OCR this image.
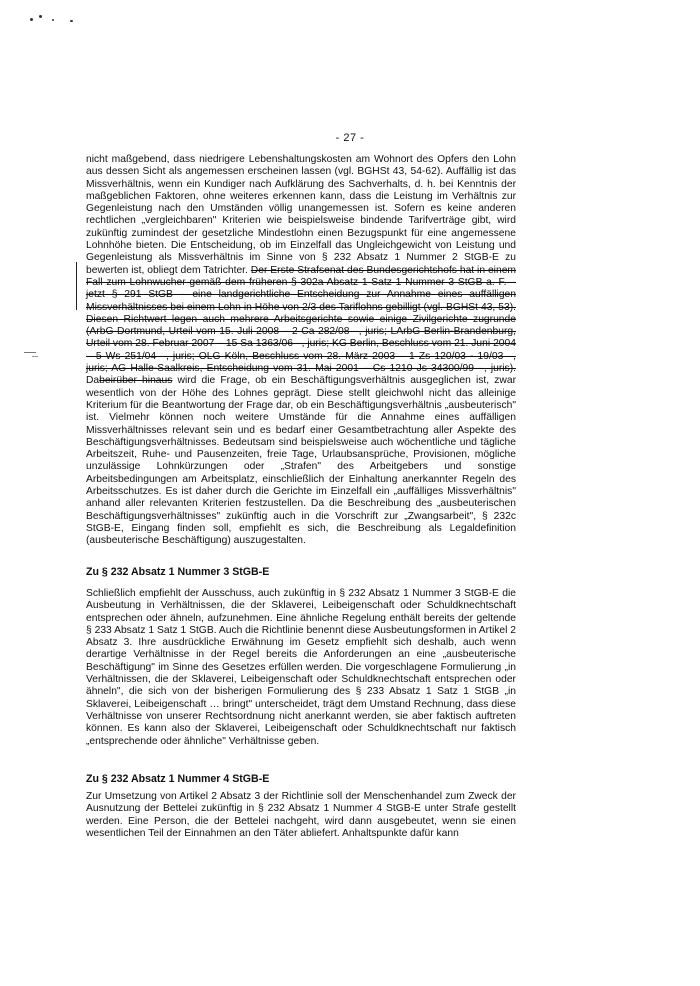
- 27 -
nicht maßgebend, dass niedrigere Lebenshaltungskosten am Wohnort des Opfers den Lohn aus dessen Sicht als angemessen erscheinen lassen (vgl. BGHSt 43, 54-62). Auffällig ist das Missverhältnis, wenn ein Kundiger nach Aufklärung des Sachverhalts, d. h. bei Kenntnis der maßgeblichen Faktoren, ohne weiteres erkennen kann, dass die Leistung im Verhältnis zur Gegenleistung nach den Umständen völlig unangemessen ist. Sofern es keine anderen rechtlichen „vergleichbaren" Kriterien wie beispielsweise bindende Tarifverträge gibt, wird zukünftig zumindest der gesetzliche Mindestlohn einen Bezugspunkt für eine angemessene Lohnhöhe bieten. Die Entscheidung, ob im Einzelfall das Ungleichgewicht von Leistung und Gegenleistung als Missverhältnis im Sinne von § 232 Absatz 1 Nummer 2 StGB-E zu bewerten ist, obliegt dem Tatrichter. Der Erste Strafsenat des Bundesgerichtshofs hat in einem Fall zum Lohnwucher gemäß dem früheren § 302a Absatz 1 Satz 1 Nummer 3 StGB a. F. – jetzt § 291 StGB – eine landgerichtliche Entscheidung zur Annahme eines auffälligen Missverhältnisses bei einem Lohn in Höhe von 2/3 des Tariflohns gebilligt (vgl. BGHSt 43, 53). Diesen Richtwert legen auch mehrere Arbeitsgerichte sowie einige Zivilgerichte zugrunde (ArbG Dortmund, Urteil vom 15. Juli 2008 – 2 Ca 282/08 –, juris; LArbG Berlin-Brandenburg, Urteil vom 28. Februar 2007 – 15 Sa 1363/06 –, juris; KG Berlin, Beschluss vom 21. Juni 2004 – 5 Ws 251/04 –, juris; OLG Köln, Beschluss vom 28. März 2003 – 1 Zs 120/03 - 19/03 –, juris; AG Halle-Saalkreis, Entscheidung vom 31. Mai 2001 – Cs 1210 Js 34300/99 –, juris). Dabeirüber hinaus wird die Frage, ob ein Beschäftigungsverhältnis ausgeglichen ist, zwar wesentlich von der Höhe des Lohnes geprägt. Diese stellt gleichwohl nicht das alleinige Kriterium für die Beantwortung der Frage dar, ob ein Beschäftigungsverhältnis „ausbeuterisch" ist. Vielmehr können noch weitere Umstände für die Annahme eines auffälligen Missverhältnisses relevant sein und es bedarf einer Gesamtbetrachtung aller Aspekte des Beschäftigungsverhältnisses. Bedeutsam sind beispielsweise auch wöchentliche und tägliche Arbeitszeit, Ruhe- und Pausenzeiten, freie Tage, Urlaubsansprüche, Provisionen, mögliche unzulässige Lohnkürzungen oder „Strafen" des Arbeitgebers und sonstige Arbeitsbedingungen am Arbeitsplatz, einschließlich der Einhaltung anerkannter Regeln des Arbeitsschutzes. Es ist daher durch die Gerichte im Einzelfall ein „auffälliges Missverhältnis" anhand aller relevanten Kriterien festzustellen. Da die Beschreibung des „ausbeuterischen Beschäftigungsverhältnisses" zukünftig auch in die Vorschrift zur „Zwangsarbeit", § 232c StGB-E, Eingang finden soll, empfiehlt es sich, die Beschreibung als Legaldefinition (ausbeuterische Beschäftigung) auszugestalten.
Zu § 232 Absatz 1 Nummer 3 StGB-E
Schließlich empfiehlt der Ausschuss, auch zukünftig in § 232 Absatz 1 Nummer 3 StGB-E die Ausbeutung in Verhältnissen, die der Sklaverei, Leibeigenschaft oder Schuldknechtschaft entsprechen oder ähneln, aufzunehmen. Eine ähnliche Regelung enthält bereits der geltende § 233 Absatz 1 Satz 1 StGB. Auch die Richtlinie benennt diese Ausbeutungsformen in Artikel 2 Absatz 3. Ihre ausdrückliche Erwähnung im Gesetz empfiehlt sich deshalb, auch wenn derartige Verhältnisse in der Regel bereits die Anforderungen an eine „ausbeuterische Beschäftigung" im Sinne des Gesetzes erfüllen werden. Die vorgeschlagene Formulierung „in Verhältnissen, die der Sklaverei, Leibeigenschaft oder Schuldknechtschaft entsprechen oder ähneln", die sich von der bisherigen Formulierung des § 233 Absatz 1 Satz 1 StGB „in Sklaverei, Leibeigenschaft … bringt" unterscheidet, trägt dem Umstand Rechnung, dass diese Verhältnisse von unserer Rechtsordnung nicht anerkannt werden, sie aber faktisch auftreten können. Es kann also der Sklaverei, Leibeigenschaft oder Schuldknechtschaft nur faktisch „entsprechende oder ähnliche" Verhältnisse geben.
Zu § 232 Absatz 1 Nummer 4 StGB-E
Zur Umsetzung von Artikel 2 Absatz 3 der Richtlinie soll der Menschenhandel zum Zweck der Ausnutzung der Bettelei zukünftig in § 232 Absatz 1 Nummer 4 StGB-E unter Strafe gestellt werden. Eine Person, die der Bettelei nachgeht, wird dann ausgebeutet, wenn sie einen wesentlichen Teil der Einnahmen an den Täter abliefert. Anhaltspunkte dafür kann
